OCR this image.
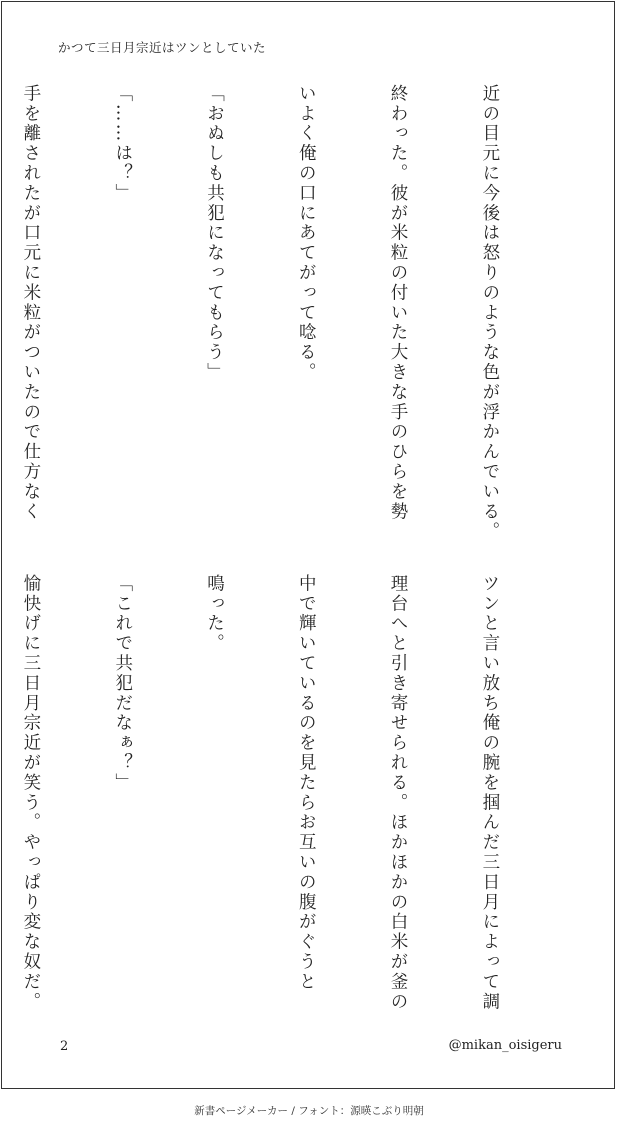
かつて三日月宗近はツンとしていた

近の目元に今後は怒りのような色が浮かんでいる。

終わった。彼が米粒の付いた大きな手のひらを勢

いよく俺の口にあてがって唸る。

「おぬしも共犯になってもらう」

「……は？」

手を離されたが口元に米粒がついたので仕方なく

ツンと言い放ち俺の腕を掴んだ三日月によって調

理台へと引き寄せられる。ほかほかの白米が釜の

中で輝いているのを見たらお互いの腹がぐうと

鳴った。

「これで共犯だなぁ？」

愉快げに三日月宗近が笑う。やっぱり変な奴だ。

2	@mikan_oisigeru
新書ページメーカー / フォント：源暎こぶり明朝
